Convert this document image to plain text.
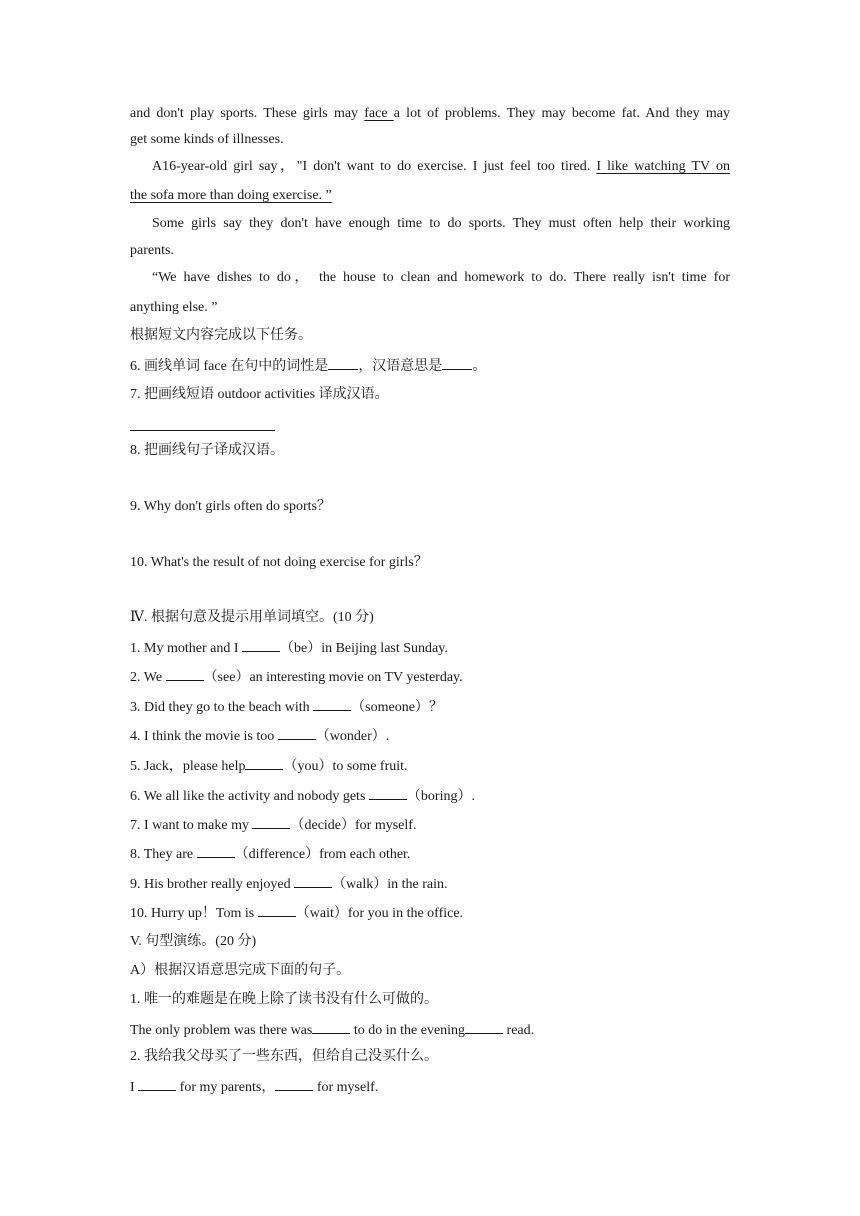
and don't play sports. These girls may face a lot of problems. They may become fat. And they may
get some kinds of illnesses.
A16-year-old girl say，"I don't want to do exercise. I just feel too tired. I like watching TV on
the sofa more than doing exercise. ”
Some girls say they don't have enough time to do sports. They must often help their working
parents.
“We have dishes to do， the house to clean and homework to do. There really isn't time for
anything else. ”
根据短文内容完成以下任务。
6. 画线单词 face 在句中的词性是 ，汉语意思是 。
7. 把画线短语 outdoor activities 译成汉语。
8. 把画线句子译成汉语。
9. Why don't girls often do sports？
10. What's the result of not doing exercise for girls？
Ⅳ. 根据句意及提示用单词填空。(10 分)
1. My mother and I	（be）in Beijing last Sunday.
2. We	（see）an interesting movie on TV yesterday.
3. Did they go to the beach with	（someone）？
4. I think the movie is too	（wonder）.
5. Jack，please help	（you）to some fruit.
6. We all like the activity and nobody gets	（boring）.
7. I want to make my	（decide）for myself.
8. They are	（difference）from each other.
9. His brother really enjoyed	（walk）in the rain.
10. Hurry up！Tom is	（wait）for you in the office.
V. 句型演练。(20 分)
A）根据汉语意思完成下面的句子。
1. 唯一的难题是在晚上除了读书没有什么可做的。
The only problem was there was	to do in the evening	read.
2. 我给我父母买了一些东西，但给自己没买什么。
I	for my parents，	for myself.
